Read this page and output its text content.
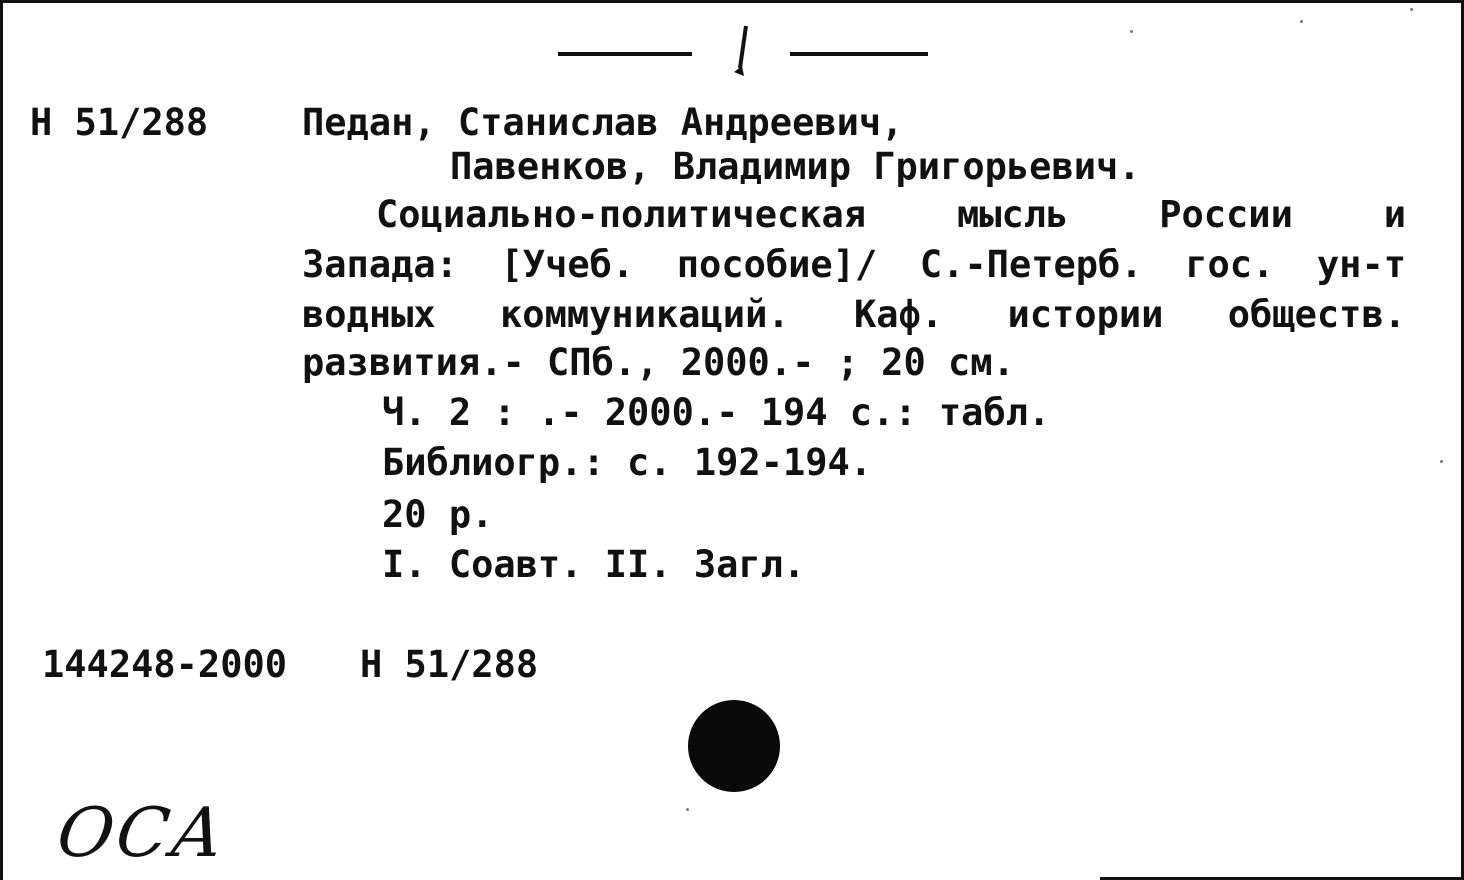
Н 51/288	Педан, Станислав Андреевич,

Павенков, Владимир Григорьевич.

Социально-политическая мысль России и

Запада: [Учеб. пособие]/ С.-Петерб. гос. ун-т

водных коммуникаций. Каф. истории обществ.

развития.- СПб., 2000.- ; 20 см.

Ч. 2 : .- 2000.- 194 с.: табл.

Библиогр.: с. 192-194.

20 р.

I. Соавт. II. Загл.

144248-2000 Н 51/288

ОСА
